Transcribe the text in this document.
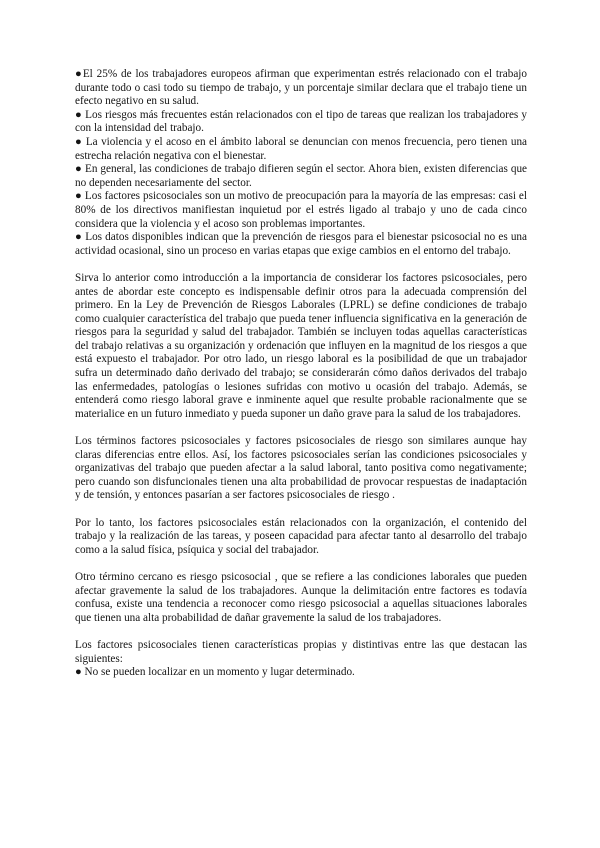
●El 25% de los trabajadores europeos afirman que experimentan estrés relacionado con el trabajo durante todo o casi todo su tiempo de trabajo, y un porcentaje similar declara que el trabajo tiene un efecto negativo en su salud.

● Los riesgos más frecuentes están relacionados con el tipo de tareas que realizan los trabajadores y con la intensidad del trabajo.

● La violencia y el acoso en el ámbito laboral se denuncian con menos frecuencia, pero tienen una estrecha relación negativa con el bienestar.

● En general, las condiciones de trabajo difieren según el sector. Ahora bien, existen diferencias que no dependen necesariamente del sector.

● Los factores psicosociales son un motivo de preocupación para la mayoría de las empresas: casi el 80% de los directivos manifiestan inquietud por el estrés ligado al trabajo y uno de cada cinco considera que la violencia y el acoso son problemas importantes.

● Los datos disponibles indican que la prevención de riesgos para el bienestar psicosocial no es una actividad ocasional, sino un proceso en varias etapas que exige cambios en el entorno del trabajo.

Sirva lo anterior como introducción a la importancia de considerar los factores psicosociales, pero antes de abordar este concepto es indispensable definir otros para la adecuada comprensión del primero. En la Ley de Prevención de Riesgos Laborales (LPRL) se define condiciones de trabajo como cualquier característica del trabajo que pueda tener influencia significativa en la generación de riesgos para la seguridad y salud del trabajador. También se incluyen todas aquellas características del trabajo relativas a su organización y ordenación que influyen en la magnitud de los riesgos a que está expuesto el trabajador. Por otro lado, un riesgo laboral es la posibilidad de que un trabajador sufra un determinado daño derivado del trabajo; se considerarán cómo daños derivados del trabajo las enfermedades, patologías o lesiones sufridas con motivo u ocasión del trabajo. Además, se entenderá como riesgo laboral grave e inminente aquel que resulte probable racionalmente que se materialice en un futuro inmediato y pueda suponer un daño grave para la salud de los trabajadores.

Los términos factores psicosociales y factores psicosociales de riesgo son similares aunque hay claras diferencias entre ellos. Así, los factores psicosociales serían las condiciones psicosociales y organizativas del trabajo que pueden afectar a la salud laboral, tanto positiva como negativamente; pero cuando son disfuncionales tienen una alta probabilidad de provocar respuestas de inadaptación y de tensión, y entonces pasarían a ser factores psicosociales de riesgo .

Por lo tanto, los factores psicosociales están relacionados con la organización, el contenido del trabajo y la realización de las tareas, y poseen capacidad para afectar tanto al desarrollo del trabajo como a la salud física, psíquica y social del trabajador.

Otro término cercano es riesgo psicosocial , que se refiere a las condiciones laborales que pueden afectar gravemente la salud de los trabajadores. Aunque la delimitación entre factores es todavía confusa, existe una tendencia a reconocer como riesgo psicosocial a aquellas situaciones laborales que tienen una alta probabilidad de dañar gravemente la salud de los trabajadores.

Los factores psicosociales tienen características propias y distintivas entre las que destacan las siguientes:

● No se pueden localizar en un momento y lugar determinado.
